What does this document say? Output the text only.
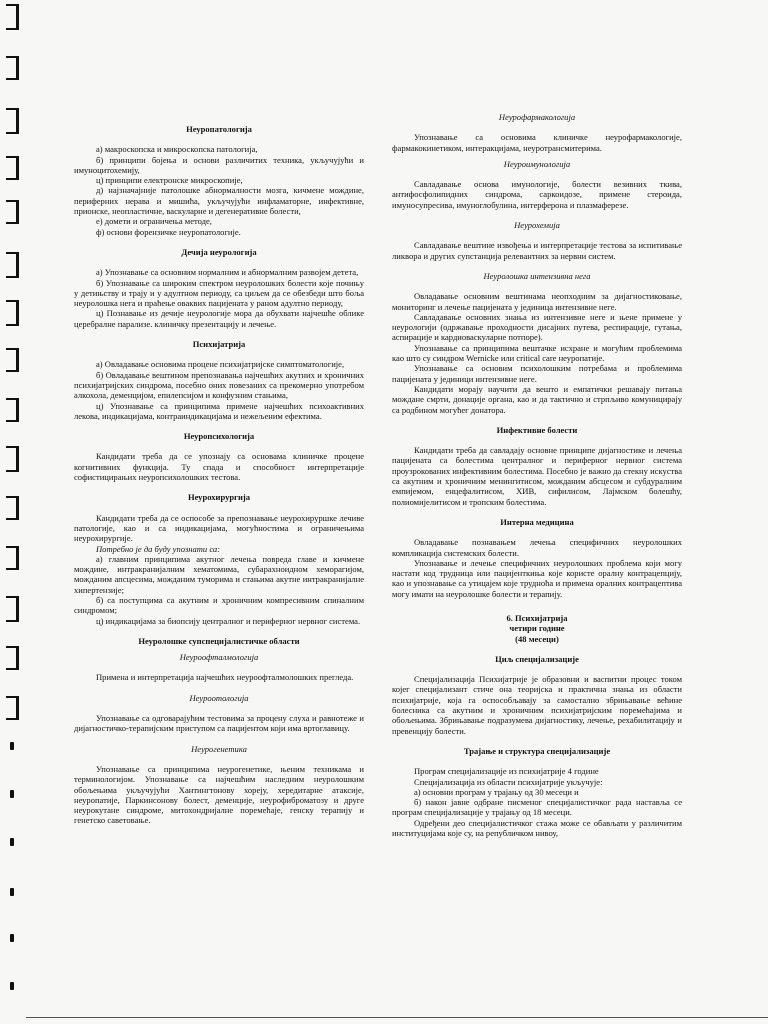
Неуропатологија

а) макроскопска и микроскопска патологија,

б) принципи бојења и основи различитих техника, укључујући и имуноцитохемију,

ц) принципи електронске микроскопије,

д) најзначајније патолошке абнормалности мозга, кичмене мождине, периферних нерава и мишића, укључујући инфламаторне, инфективне, прионске, неопластичне, васкуларне и дегенеративне болести,

е) домети и ограничења методе,

ф) основи форензичке неуропатологије.

Дечија неурологија

а) Упознавање са основним нормалним и абнормалним развојем детета,

б) Упознавање са широким спектром неуролошких болести које почињу у детињству и трају и у адултном периоду, са циљем да се обезбеди што боља неуролошка нега и праћење оваквих пацијената у раном адултно периоду,

ц) Познавање из дечије неурологије мора да обухвати најчешће облике церебралне парализе. клиничку презентацију и лечење.

Психијатрија

а) Овладавање основима процене психијатријске симптоматологије,

б) Овладавање вештином препознавања најчешћих акутних и хроничних психијатријских синдрома, посебно оних повезаних са прекомерно употребом алкохола, деменцијом, епилепсијом и конфузним стањима,

ц) Упознавање са принципима примене најчешћих психоактивних лекова, индикацијама, контраиндикацијама и нежељеним ефектима.

Неуропсихологија

Кандидати треба да се упознају са основама клиничке процене когнитивних функција. Ту спада и способност интерпретације софистицирањих неуропсихолошких тестова.

Неурохирургија

Кандидати треба да се оспособе за препознавање неурохируршке лечиве патологије, као и са индикацијама, могућностима и ограничењима неурохирургије.

Потребно је да буду упознати са:

а) главним принципима акутног лечења повреда главе и кичмене мождине, интракранијалним хематомима, субарахноидном хеморагијом, можданим апсцесима, можданим туморима и стањима акутне интракранијалне хипертензије;

б) са поступцима са акутним и хроничним компресивним спиналним синдромом;

ц) индикацијама за биопсију централног и периферног нервног система.

Неуролошке супспецијалистичке области

Неуроофталмологија

Примена и интерпретација најчешћих неуроофталмолошких прегледа.

Неуроотологија

Упознавање са одговарајућим тестовима за процену слуха и равнотеже и дијагностичко-терапијским приступом са пацијентом који има вртоглавицу.

Неурогенетика

Упознавање са принципима неурогенетике, њеним техникама и терминологијом. Упознавање са најчешћим наследним неуролошким обољењима укључујући Хантингтонову хореју, хередитарне атаксије, неуропатије, Паркинсонову болест, деменције, неурофиброматозу и друге неурокутане синдроме, митохондријалне поремећаје, генску терапију и генетско саветовање.

Неурофармакологија

Упознавање са основима клиничке неурофармакологије, фармакокинетиком, интеракцијама, неуротрансмитерима.

Неуроимунологија

Савладавање основа имунологије, болести везивних ткива, антифосфолипидних синдрома, саркоидозе, примене стероида, имуносупресива, имуноглобулина, интерферона и плазмаферезе.

Неурохемија

Савладавање вештине извођења и интерпретације тестова за испитивање ликвора и других супстанција релевантних за нервни систем.

Неуролошка интензивна нега

Овладавање основним вештинама неопходним за дијагностиковање, мониторинг и лечење пацијената у јединица интензивне неге.

Савладавање основних знања из интензивне неге и њене примене у неурологији (одржавање проходности дисајних путева, респирације, гутања, аспирације и кардиоваскуларне потпоре).

Упознавање са принципима вештачке исхране и могућим проблемима као што су синдром Wernicke или critical care неуропатије.

Упознавање са основим психолошким потребама и проблемима пацијената у јединици интензивне неге.

Кандидати морају научити да вешто и емпатички решавају питања можданe смрти, донације органа, као и да тактично и стрпљиво комуницирају са родбином могућег донатора.

Инфективне болести

Кандидати треба да савладају основне принципе дијагностике и лечења пацијената са болестима централног и периферног нервног система проузрокованих инфективним болестима. Посебно је важно да стекну искуства са акутним и хроничним менингитисом, можданим абсцесом и субдуралним емпијемом, енцефалитисом, ХИВ, сифилисом, Лајмском болешћу, полиомијелитисом и тропским болестима.

Интерна медицина

Овладавање познавањем лечења специфичних неуролошких компликација системских болести.

Упознавање и лечење специфичних неуролошких проблема који могу настати код трудница или пацијенткиња које користе оралну контрацепцију, као и упознавање са утицајем које трудноћа и примена оралних контрацептива могу имати на неуролошке болести и терапију.

6. Психијатрија

четири године

(48 месеци)

Циљ специјализације

Специјализација Психијатрије је образовни и васпитни процес током којег специјализант стиче она теоријска и практична знања из области психијатрије, која га оспособљавају за самостално збрињавање већине болесника са акутним и хроничним психијатријским поремећајима и обољењима. Збрињавање подразумева дијагностику, лечење, рехабилитацију и превенцију болести.

Трајање и структура специјализације

Програм специјализације из психијатрије 4 године

Специјализација из области психијатрије укључује:

а) основни програм у трајању од 30 месеци и

б) након јавне одбране писменог специјалистичког рада наставља се програм специјализације у трајању од 18 месеци.

Одређени део специјалистичког стажа може се обављати у различитим институцијама које су, на републичком нивоу,
